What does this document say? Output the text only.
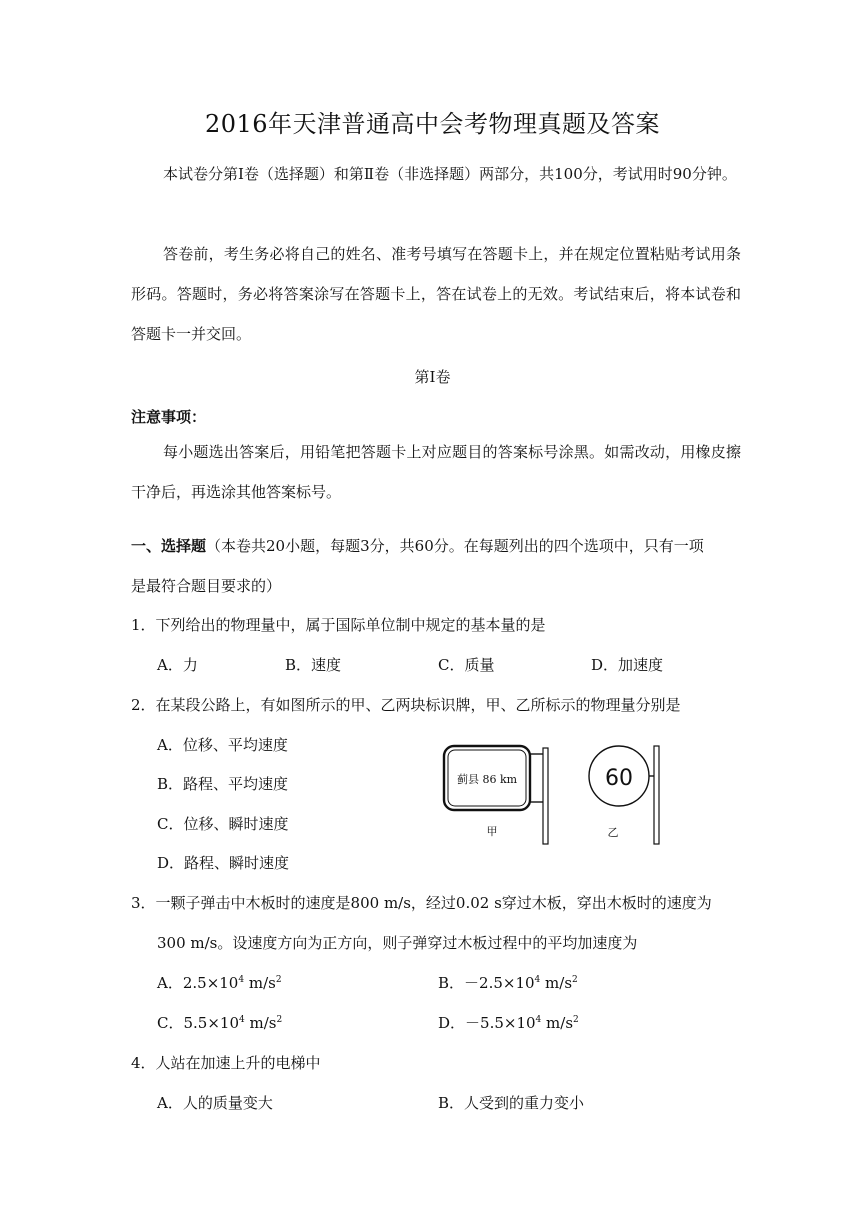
2016年天津普通高中会考物理真题及答案
本试卷分第Ⅰ卷（选择题）和第Ⅱ卷（非选择题）两部分，共100分，考试用时90分钟。
答卷前，考生务必将自己的姓名、准考号填写在答题卡上，并在规定位置粘贴考试用条形码。答题时，务必将答案涂写在答题卡上，答在试卷上的无效。考试结束后，将本试卷和答题卡一并交回。
第Ⅰ卷
注意事项：
每小题选出答案后，用铅笔把答题卡上对应题目的答案标号涂黑。如需改动，用橡皮擦干净后，再选涂其他答案标号。
一、选择题（本卷共20小题，每题3分，共60分。在每题列出的四个选项中，只有一项
是最符合题目要求的）
1．下列给出的物理量中，属于国际单位制中规定的基本量的是
A．力	B．速度	C．质量	D．加速度
2．在某段公路上，有如图所示的甲、乙两块标识牌，甲、乙所标示的物理量分别是
A．位移、平均速度
B．路程、平均速度
C．位移、瞬时速度
D．路程、瞬时速度
蓟县 86 km
甲
60
乙
3．一颗子弹击中木板时的速度是800 m/s，经过0.02 s穿过木板，穿出木板时的速度为
300 m/s。设速度方向为正方向，则子弹穿过木板过程中的平均加速度为
A．$2.5\times 10^4$ $m/s^2$	B．$-2.5\times 10^4$ $m/s^2$
C．$5.5\times 10^4$ $m/s^2$	D．$-5.5\times 10^4$ $m/s^2$
4．人站在加速上升的电梯中
A．人的质量变大	B．人受到的重力变小
